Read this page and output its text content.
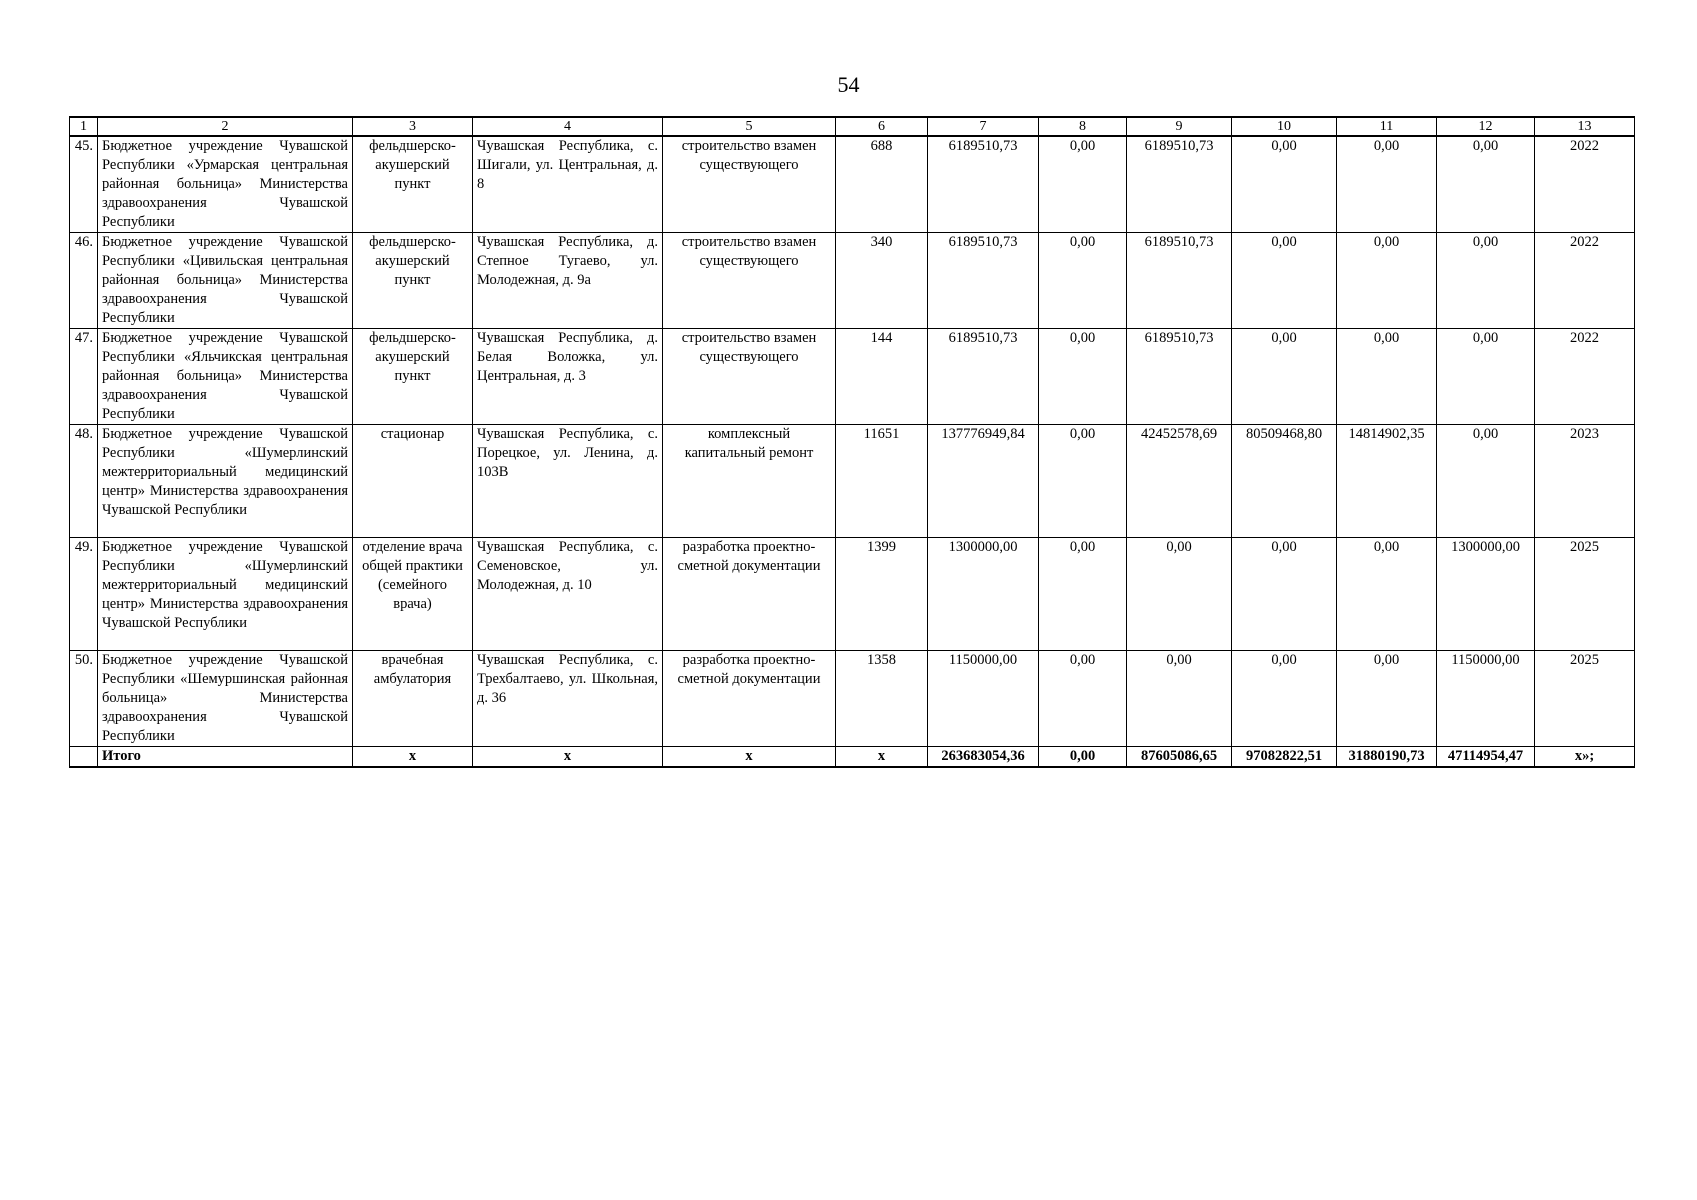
54
1	2	3	4	5	6	7	8	9	10	11	12	13
45.	Бюджетное учреждение Чувашской Республики «Урмарская центральная районная больница» Министерства здравоохранения Чувашской Республики	фельдшерско-акушерский пункт	Чувашская Республика, с. Шигали, ул. Центральная, д. 8	строительство взамен существующего	688	6189510,73	0,00	6189510,73	0,00	0,00	0,00	2022
46.	Бюджетное учреждение Чувашской Республики «Цивильская центральная районная больница» Министерства здравоохранения Чувашской Республики	фельдшерско-акушерский пункт	Чувашская Республика, д. Степное Тугаево, ул. Молодежная, д. 9а	строительство взамен существующего	340	6189510,73	0,00	6189510,73	0,00	0,00	0,00	2022
47.	Бюджетное учреждение Чувашской Республики «Яльчикская центральная районная больница» Министерства здравоохранения Чувашской Республики	фельдшерско-акушерский пункт	Чувашская Республика, д. Белая Воложка, ул. Центральная, д. 3	строительство взамен существующего	144	6189510,73	0,00	6189510,73	0,00	0,00	0,00	2022
48.	Бюджетное учреждение Чувашской Республики «Шумерлинский межтерриториальный медицинский центр» Министерства здравоохранения Чувашской Республики	стационар	Чувашская Республика, с. Порецкое, ул. Ленина, д. 103В	комплексный капитальный ремонт	11651	137776949,84	0,00	42452578,69	80509468,80	14814902,35	0,00	2023
49.	Бюджетное учреждение Чувашской Республики «Шумерлинский межтерриториальный медицинский центр» Министерства здравоохранения Чувашской Республики	отделение врача общей практики (семейного врача)	Чувашская Республика, с. Семеновское, ул. Молодежная, д. 10	разработка проектно-сметной документации	1399	1300000,00	0,00	0,00	0,00	0,00	1300000,00	2025
50.	Бюджетное учреждение Чувашской Республики «Шемуршинская районная больница» Министерства здравоохранения Чувашской Республики	врачебная амбулатория	Чувашская Республика, с. Трехбалтаево, ул. Школьная, д. 36	разработка проектно-сметной документации	1358	1150000,00	0,00	0,00	0,00	0,00	1150000,00	2025
	Итого	х	х	х	х	263683054,36	0,00	87605086,65	97082822,51	31880190,73	47114954,47	х»;
